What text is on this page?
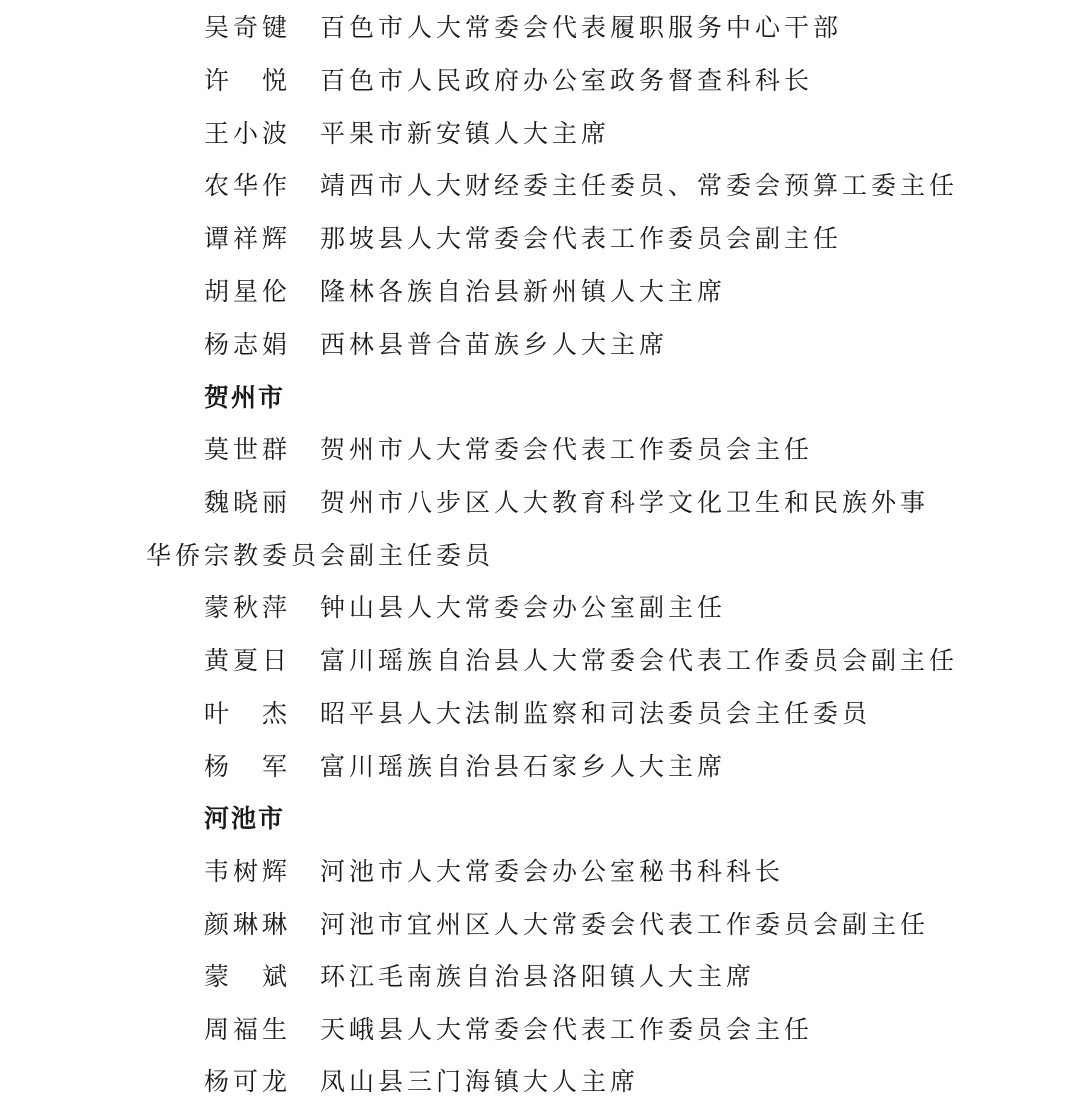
吴奇键 百色市人大常委会代表履职服务中心干部
许　悦 百色市人民政府办公室政务督查科科长
王小波 平果市新安镇人大主席
农华作 靖西市人大财经委主任委员、常委会预算工委主任
谭祥辉 那坡县人大常委会代表工作委员会副主任
胡星伦 隆林各族自治县新州镇人大主席
杨志娟 西林县普合苗族乡人大主席
贺州市
莫世群 贺州市人大常委会代表工作委员会主任
魏晓丽 贺州市八步区人大教育科学文化卫生和民族外事
华侨宗教委员会副主任委员
蒙秋萍 钟山县人大常委会办公室副主任
黄夏日 富川瑶族自治县人大常委会代表工作委员会副主任
叶　杰 昭平县人大法制监察和司法委员会主任委员
杨　军 富川瑶族自治县石家乡人大主席
河池市
韦树辉 河池市人大常委会办公室秘书科科长
颜琳琳 河池市宜州区人大常委会代表工作委员会副主任
蒙　斌 环江毛南族自治县洛阳镇人大主席
周福生 天峨县人大常委会代表工作委员会主任
杨可龙 凤山县三门海镇大人主席
